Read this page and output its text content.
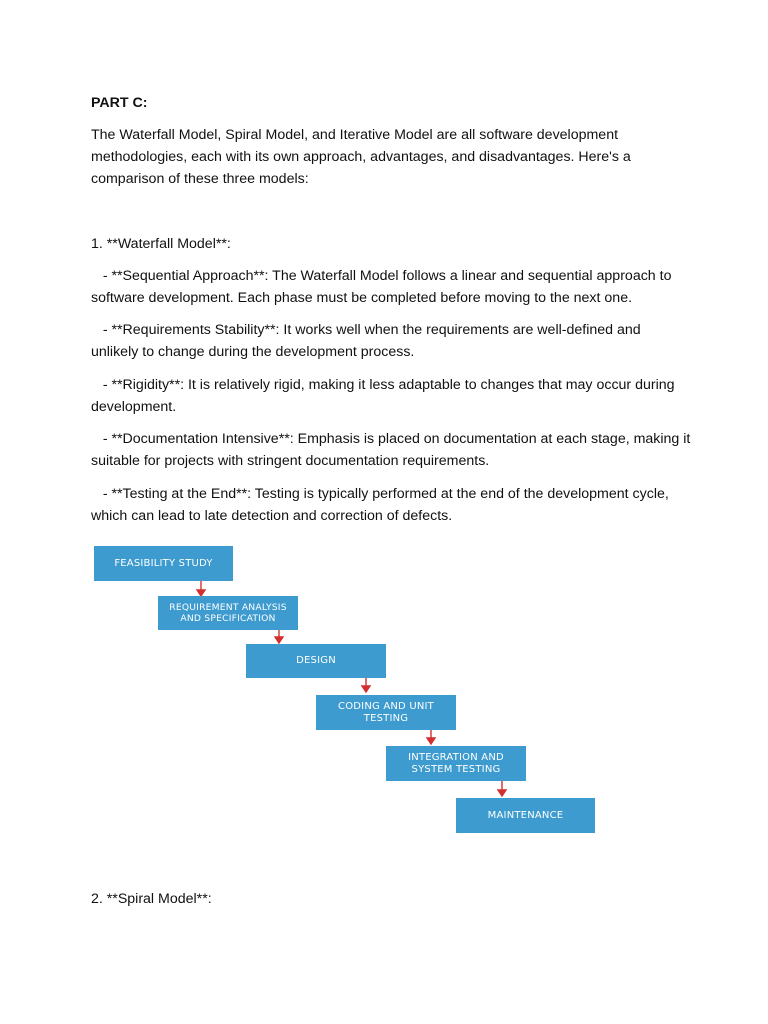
PART C:

The Waterfall Model, Spiral Model, and Iterative Model are all software development methodologies, each with its own approach, advantages, and disadvantages. Here's a comparison of these three models:

1. **Waterfall Model**:

- **Sequential Approach**: The Waterfall Model follows a linear and sequential approach to software development. Each phase must be completed before moving to the next one.

- **Requirements Stability**: It works well when the requirements are well-defined and unlikely to change during the development process.

- **Rigidity**: It is relatively rigid, making it less adaptable to changes that may occur during development.

- **Documentation Intensive**: Emphasis is placed on documentation at each stage, making it suitable for projects with stringent documentation requirements.

- **Testing at the End**: Testing is typically performed at the end of the development cycle, which can lead to late detection and correction of defects.

FEASIBILITY STUDY
REQUIREMENT ANALYSIS AND SPECIFICATION
DESIGN
CODING AND UNIT TESTING
INTEGRATION AND SYSTEM TESTING
MAINTENANCE

2. **Spiral Model**:
